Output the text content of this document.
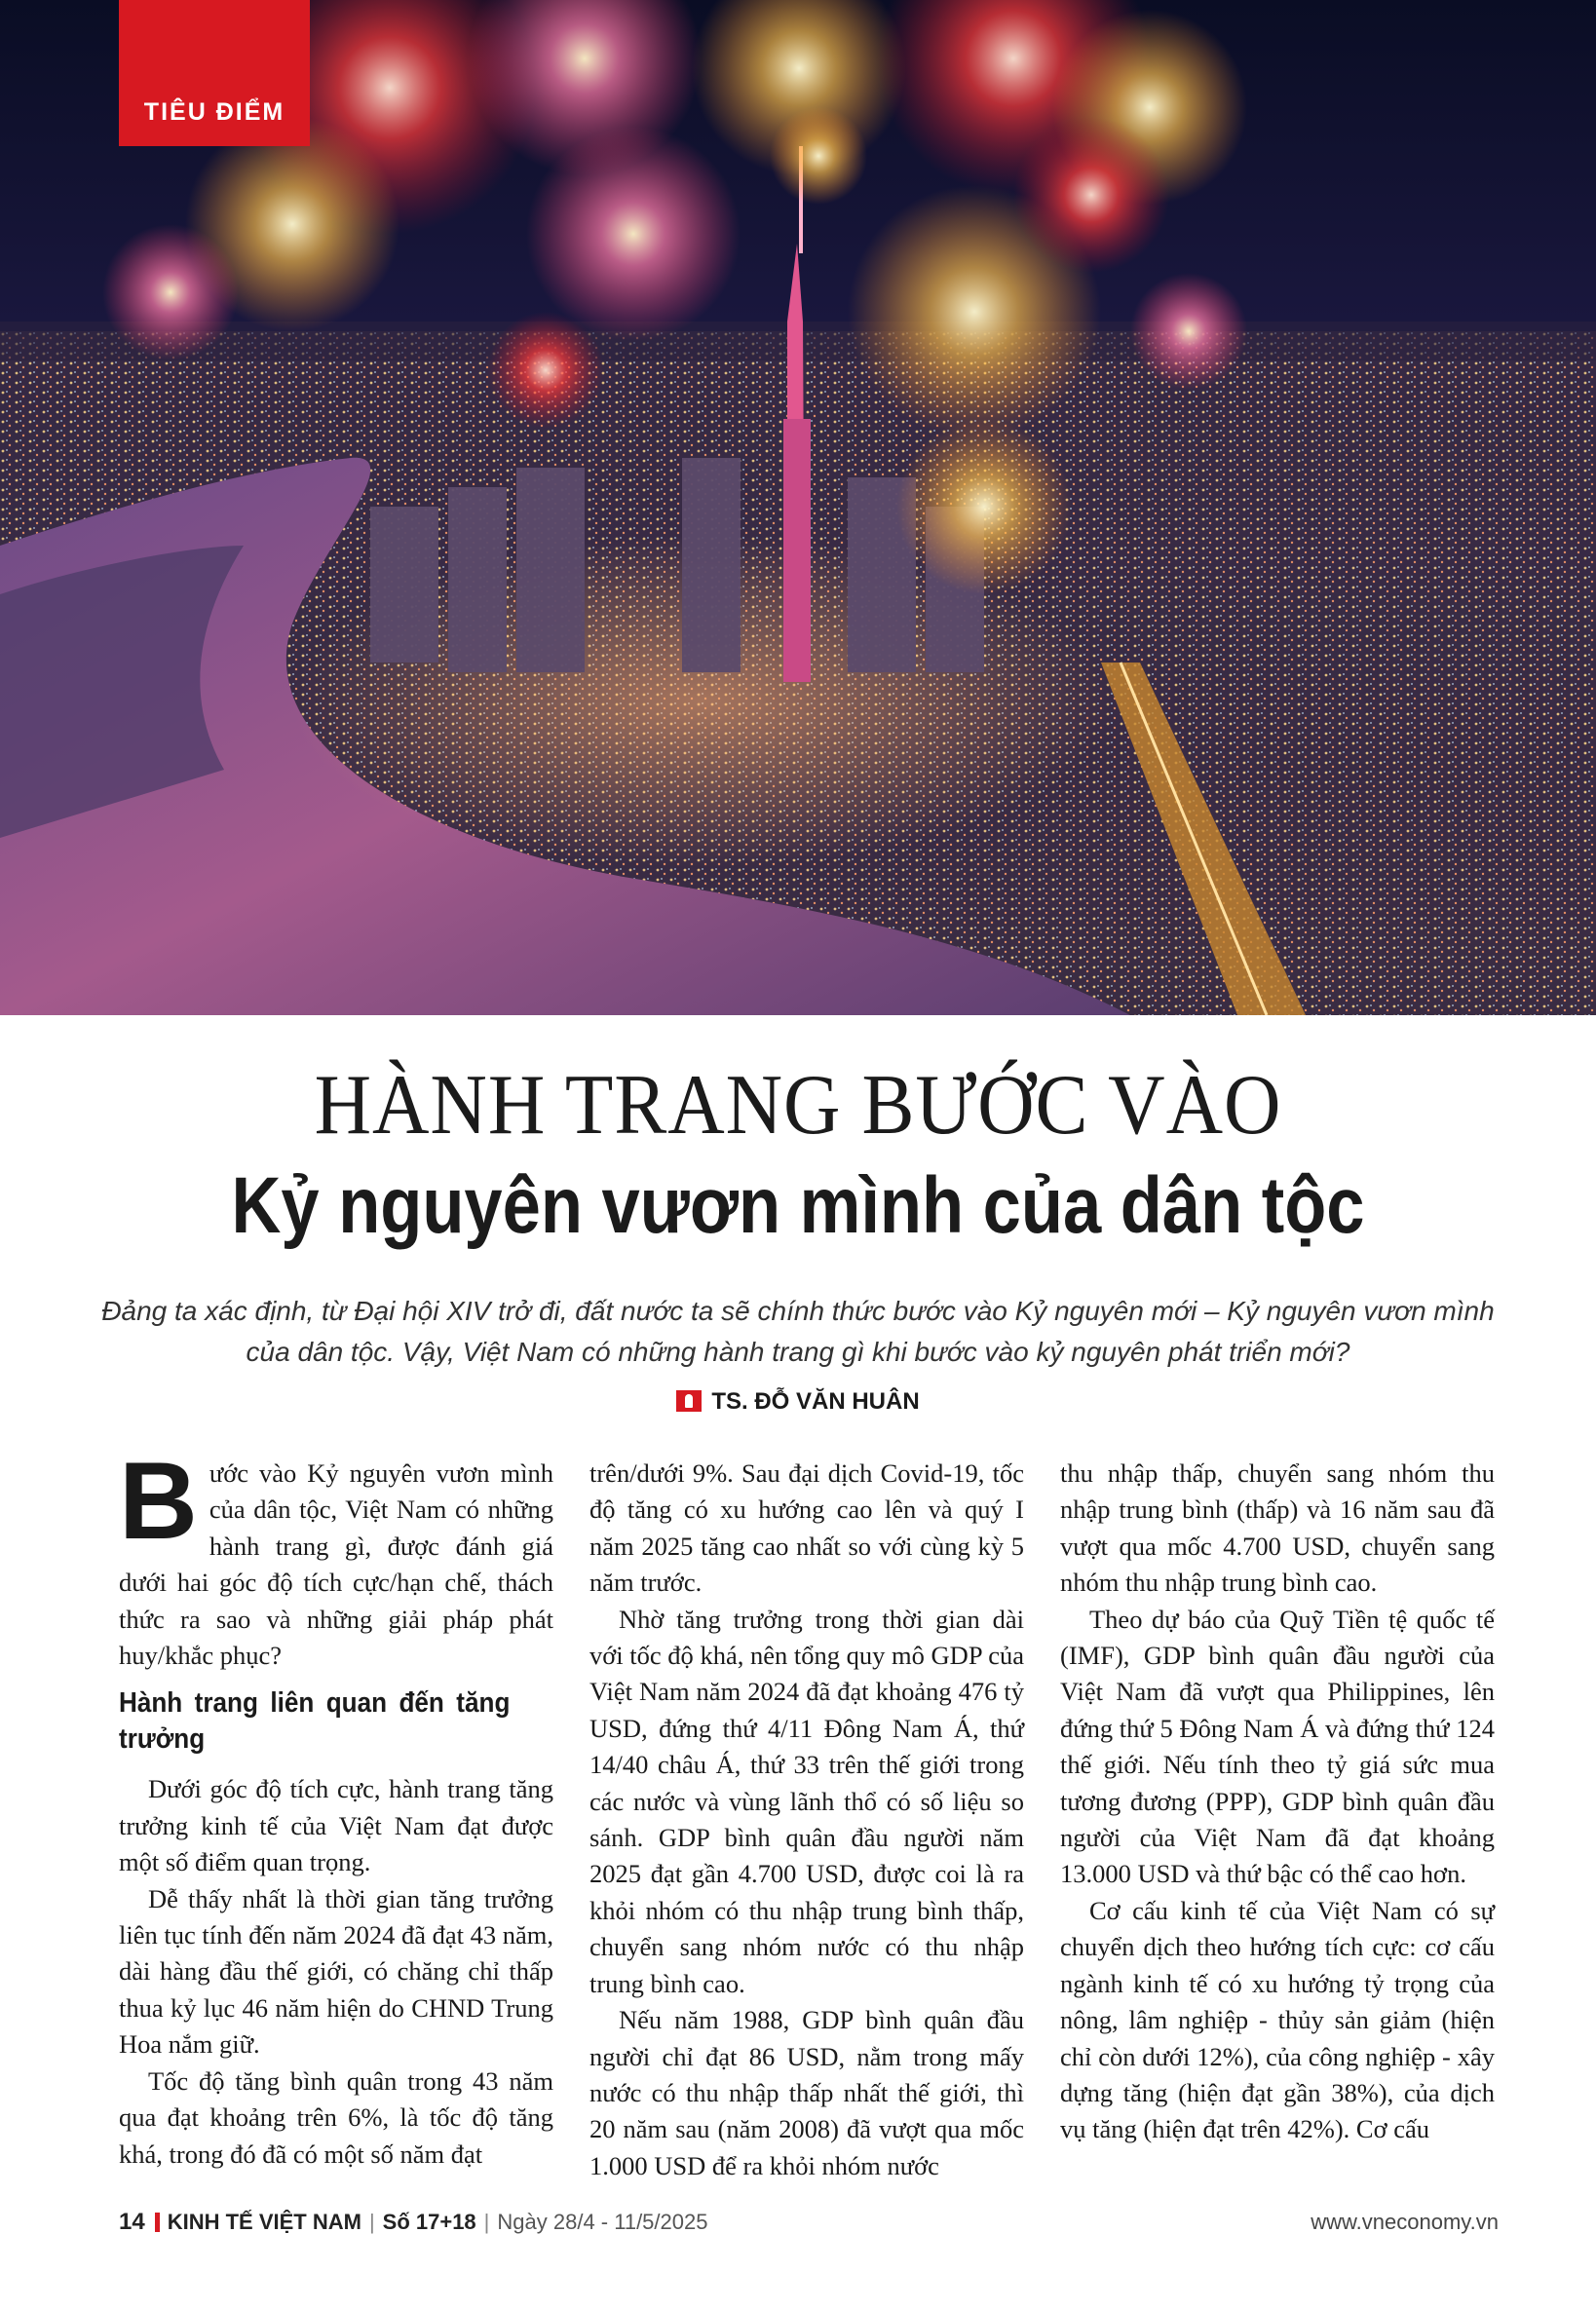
TIÊU ĐIỂM
HÀNH TRANG BƯỚC VÀO
Kỷ nguyên vươn mình của dân tộc

Đảng ta xác định, từ Đại hội XIV trở đi, đất nước ta sẽ chính thức bước vào Kỷ nguyên mới – Kỷ nguyên vươn mình của dân tộc. Vậy, Việt Nam có những hành trang gì khi bước vào kỷ nguyên phát triển mới?

TS. ĐỖ VĂN HUÂN

Bước vào Kỷ nguyên vươn mình của dân tộc, Việt Nam có những hành trang gì, được đánh giá dưới hai góc độ tích cực/hạn chế, thách thức ra sao và những giải pháp phát huy/khắc phục?

Hành trang liên quan đến tăng trưởng

Dưới góc độ tích cực, hành trang tăng trưởng kinh tế của Việt Nam đạt được một số điểm quan trọng.

Dễ thấy nhất là thời gian tăng trưởng liên tục tính đến năm 2024 đã đạt 43 năm, dài hàng đầu thế giới, có chăng chỉ thấp thua kỷ lục 46 năm hiện do CHND Trung Hoa nắm giữ.

Tốc độ tăng bình quân trong 43 năm qua đạt khoảng trên 6%, là tốc độ tăng khá, trong đó đã có một số năm đạt

trên/dưới 9%. Sau đại dịch Covid-19, tốc độ tăng có xu hướng cao lên và quý I năm 2025 tăng cao nhất so với cùng kỳ 5 năm trước.

Nhờ tăng trưởng trong thời gian dài với tốc độ khá, nên tổng quy mô GDP của Việt Nam năm 2024 đã đạt khoảng 476 tỷ USD, đứng thứ 4/11 Đông Nam Á, thứ 14/40 châu Á, thứ 33 trên thế giới trong các nước và vùng lãnh thổ có số liệu so sánh. GDP bình quân đầu người năm 2025 đạt gần 4.700 USD, được coi là ra khỏi nhóm có thu nhập trung bình thấp, chuyển sang nhóm nước có thu nhập trung bình cao.

Nếu năm 1988, GDP bình quân đầu người chỉ đạt 86 USD, nằm trong mấy nước có thu nhập thấp nhất thế giới, thì 20 năm sau (năm 2008) đã vượt qua mốc 1.000 USD để ra khỏi nhóm nước

thu nhập thấp, chuyển sang nhóm thu nhập trung bình (thấp) và 16 năm sau đã vượt qua mốc 4.700 USD, chuyển sang nhóm thu nhập trung bình cao.

Theo dự báo của Quỹ Tiền tệ quốc tế (IMF), GDP bình quân đầu người của Việt Nam đã vượt qua Philippines, lên đứng thứ 5 Đông Nam Á và đứng thứ 124 thế giới. Nếu tính theo tỷ giá sức mua tương đương (PPP), GDP bình quân đầu người của Việt Nam đã đạt khoảng 13.000 USD và thứ bậc có thể cao hơn.

Cơ cấu kinh tế của Việt Nam có sự chuyển dịch theo hướng tích cực: cơ cấu ngành kinh tế có xu hướng tỷ trọng của nông, lâm nghiệp - thủy sản giảm (hiện chỉ còn dưới 12%), của công nghiệp - xây dựng tăng (hiện đạt gần 38%), của dịch vụ tăng (hiện đạt trên 42%). Cơ cấu

14 KINH TẾ VIỆT NAM | Số 17+18 | Ngày 28/4 - 11/5/2025	www.vneconomy.vn
